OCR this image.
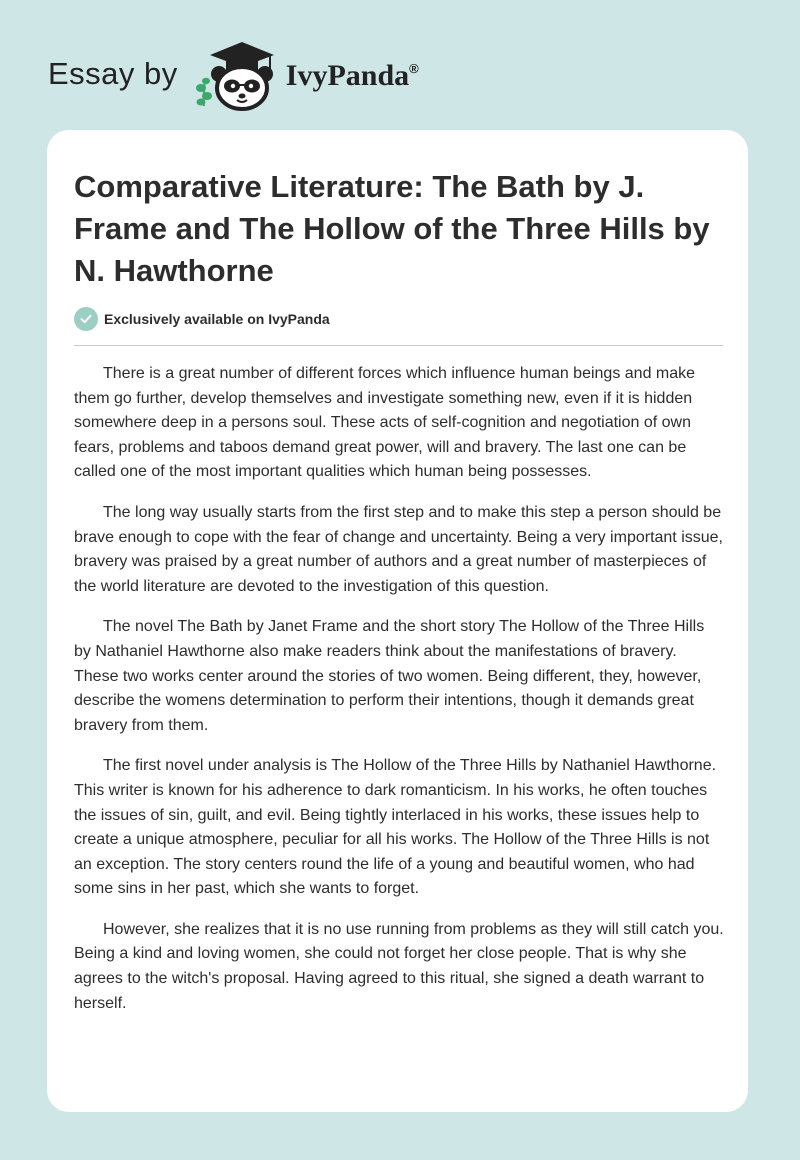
Essay by	IvyPanda®
Comparative Literature: The Bath by J. Frame and The Hollow of the Three Hills by N. Hawthorne
Exclusively available on IvyPanda

There is a great number of different forces which influence human beings and make them go further, develop themselves and investigate something new, even if it is hidden somewhere deep in a persons soul. These acts of self-cognition and negotiation of own fears, problems and taboos demand great power, will and bravery. The last one can be called one of the most important qualities which human being possesses.

The long way usually starts from the first step and to make this step a person should be brave enough to cope with the fear of change and uncertainty. Being a very important issue, bravery was praised by a great number of authors and a great number of masterpieces of the world literature are devoted to the investigation of this question.

The novel The Bath by Janet Frame and the short story The Hollow of the Three Hills by Nathaniel Hawthorne also make readers think about the manifestations of bravery. These two works center around the stories of two women. Being different, they, however, describe the womens determination to perform their intentions, though it demands great bravery from them.

The first novel under analysis is The Hollow of the Three Hills by Nathaniel Hawthorne. This writer is known for his adherence to dark romanticism. In his works, he often touches the issues of sin, guilt, and evil. Being tightly interlaced in his works, these issues help to create a unique atmosphere, peculiar for all his works. The Hollow of the Three Hills is not an exception. The story centers round the life of a young and beautiful women, who had some sins in her past, which she wants to forget.

However, she realizes that it is no use running from problems as they will still catch you. Being a kind and loving women, she could not forget her close people. That is why she agrees to the witch's proposal. Having agreed to this ritual, she signed a death warrant to herself.
